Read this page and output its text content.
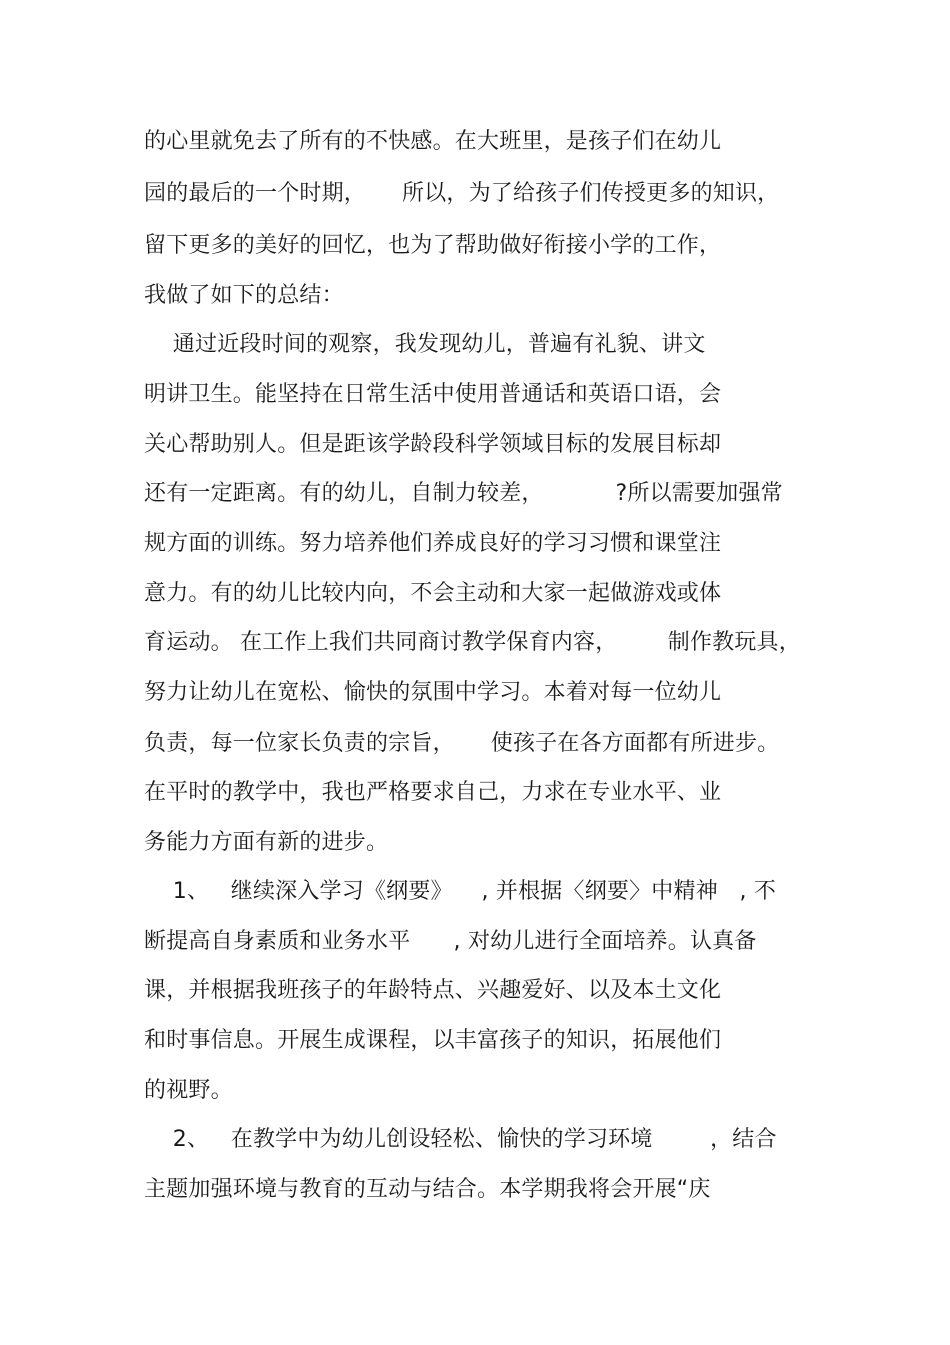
的心里就免去了所有的不快感。在大班里，是孩子们在幼儿
园的最后的一个时期，     所以，为了给孩子们传授更多的知识，
留下更多的美好的回忆，也为了帮助做好衔接小学的工作，
我做了如下的总结：
通过近段时间的观察，我发现幼儿，普遍有礼貌、讲文
明讲卫生。能坚持在日常生活中使用普通话和英语口语，会
关心帮助别人。但是距该学龄段科学领域目标的发展目标却
还有一定距离。有的幼儿，自制力较差，          ?所以需要加强常
规方面的训练。努力培养他们养成良好的学习习惯和课堂注
意力。有的幼儿比较内向，不会主动和大家一起做游戏或体
育运动。 在工作上我们共同商讨教学保育内容，       制作教玩具，
努力让幼儿在宽松、愉快的氛围中学习。本着对每一位幼儿
负责，每一位家长负责的宗旨，     使孩子在各方面都有所进步。
在平时的教学中，我也严格要求自己，力求在专业水平、业
务能力方面有新的进步。
1、   继续深入学习《纲要》    , 并根据〈纲要〉中精神   , 不
断提高自身素质和业务水平      , 对幼儿进行全面培养。认真备
课，并根据我班孩子的年龄特点、兴趣爱好、以及本土文化
和时事信息。开展生成课程，以丰富孩子的知识，拓展他们
的视野。
2、   在教学中为幼儿创设轻松、愉快的学习环境        ，结合
主题加强环境与教育的互动与结合。本学期我将会开展“庆
